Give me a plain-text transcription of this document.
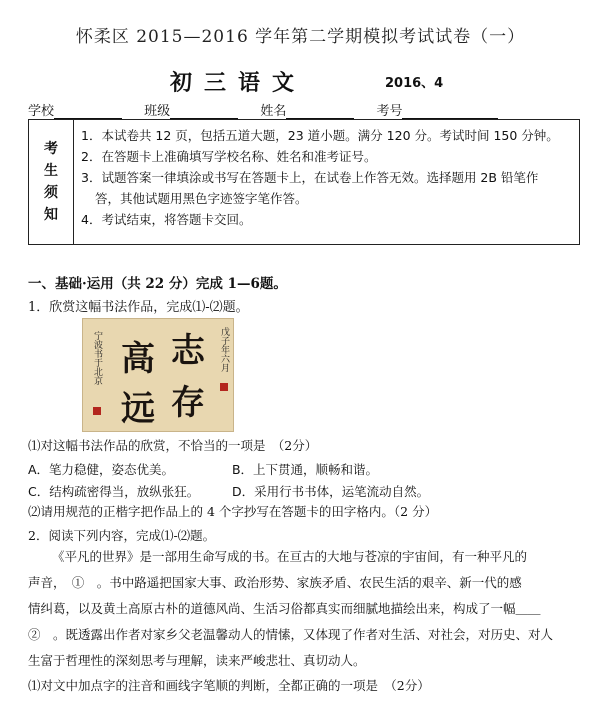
怀柔区 2015—2016 学年第二学期模拟考试试卷（一）
初三语文	2016、4
学校	班级	姓名	考号
考
生
须
知
1．本试卷共 12 页，包括五道大题，23 道小题。满分 120 分。考试时间 150 分钟。
2．在答题卡上准确填写学校名称、姓名和准考证号。
3．试题答案一律填涂或书写在答题卡上，在试卷上作答无效。选择题用 2B 铅笔作
答，其他试题用黑色字迹签字笔作答。
4．考试结束，将答题卡交回。
一、基础·运用（共 22 分）完成 1—6题。
1．欣赏这幅书法作品，完成⑴-⑵题。
志
存
高
远
戊子年六月
宁波书于北京
⑴对这幅书法作品的欣赏，不恰当的一项是　（2分）
A．笔力稳健，姿态优美。	B．上下贯通，顺畅和谐。
C．结构疏密得当，放纵张狂。	D．采用行书书体，运笔流动自然。
⑵请用规范的正楷字把作品上的 4 个字抄写在答题卡的田字格内。（2 分）
2．阅读下列内容，完成⑴-⑵题。
《平凡的世界》是一部用生命写成的书。在亘古的大地与苍凉的宇宙间，有一种平凡的
声音，　①　。书中路遥把国家大事、政治形势、家族矛盾、农民生活的艰辛、新一代的感
情纠葛，以及黄土高原古朴的道德风尚、生活习俗都真实而细腻地描绘出来，构成了一幅＿＿
②　。既透露出作者对家乡父老温馨动人的情愫，又体现了作者对生活、对社会，对历史、对人
生富于哲理性的深刻思考与理解，读来严峻悲壮、真切动人。
⑴对文中加点字的注音和画线字笔顺的判断，全都正确的一项是　（2分）
